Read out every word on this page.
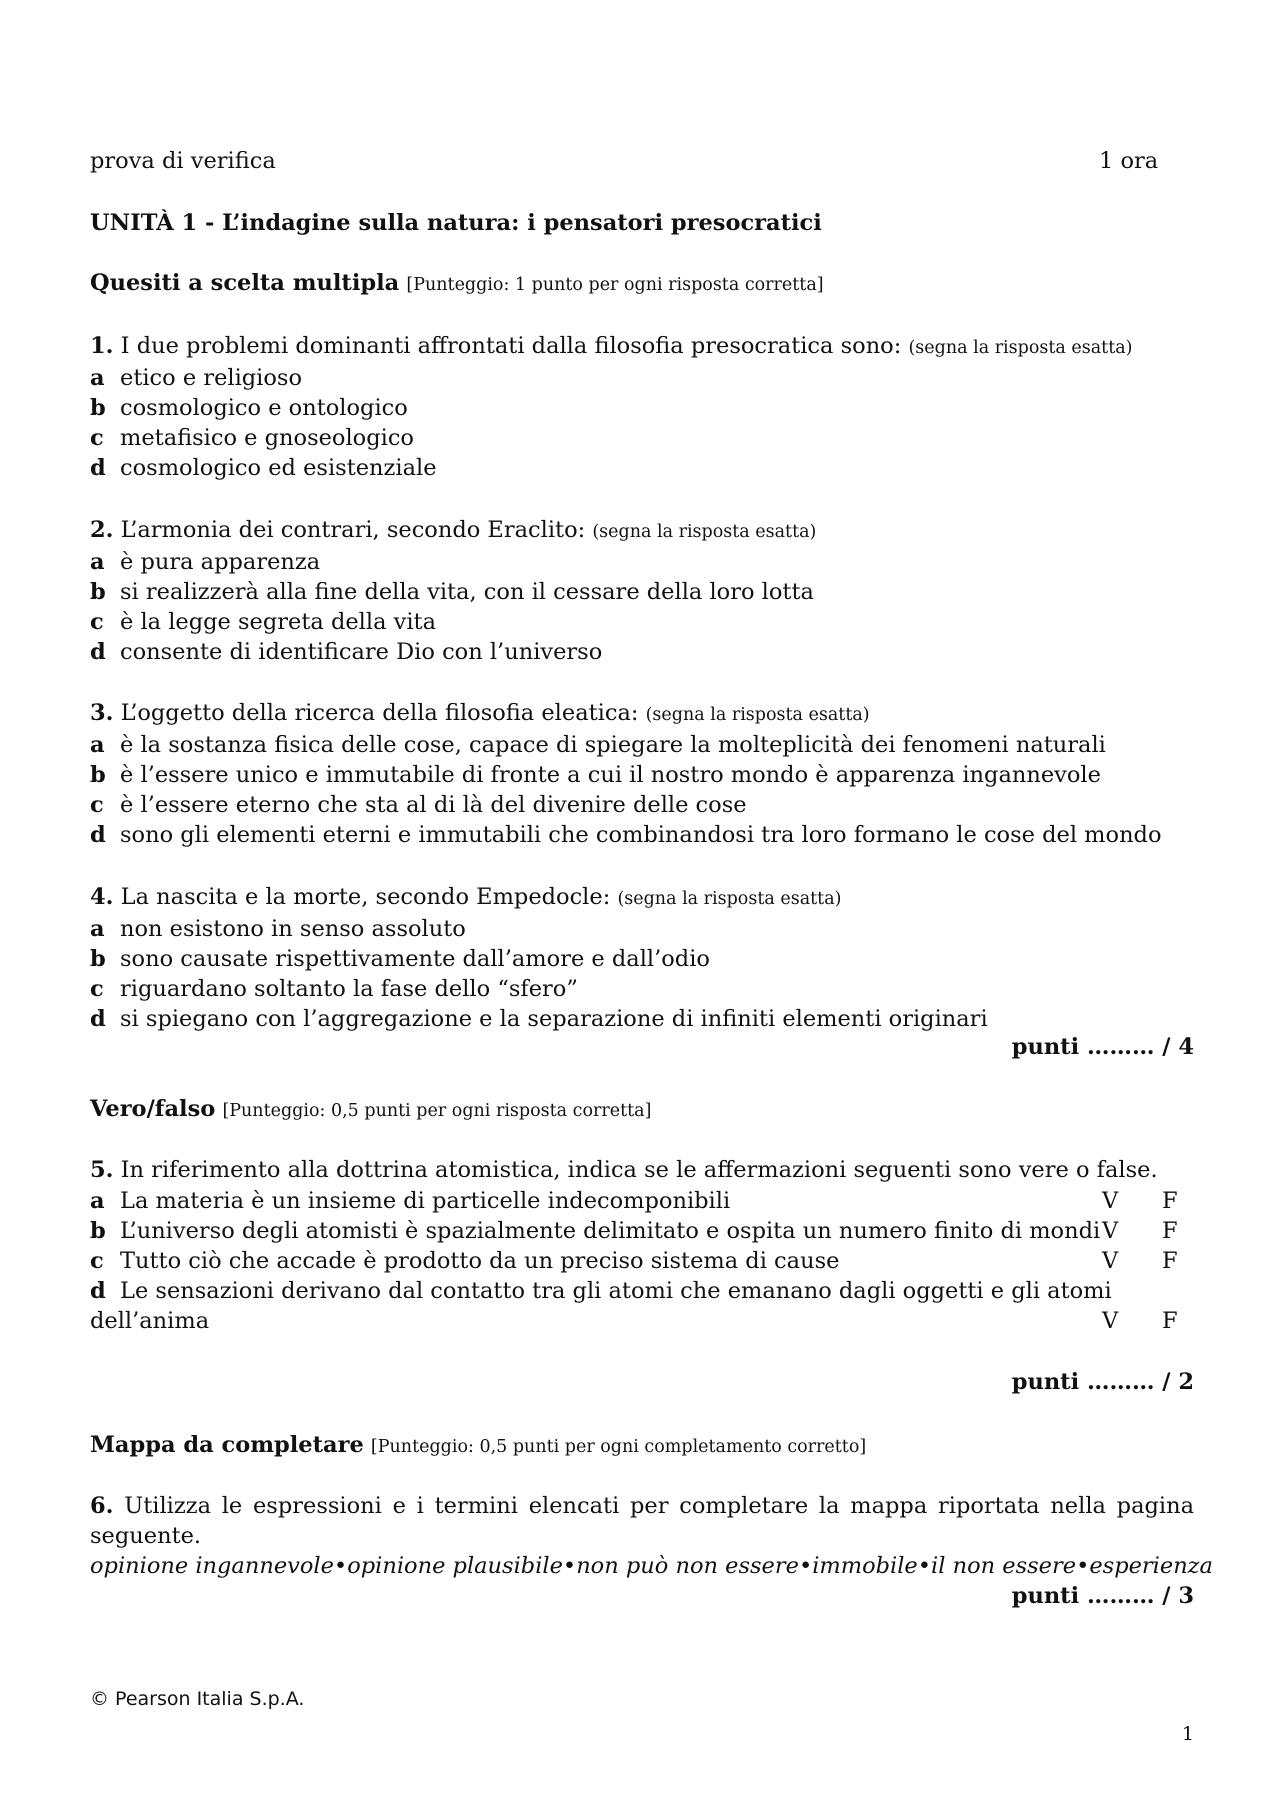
prova di verifica	1 ora
UNITÀ 1 - L’indagine sulla natura: i pensatori presocratici
Quesiti a scelta multipla [Punteggio: 1 punto per ogni risposta corretta]
1. I due problemi dominanti affrontati dalla filosofia presocratica sono: (segna la risposta esatta)
a etico e religioso
b cosmologico e ontologico
c metafisico e gnoseologico
d cosmologico ed esistenziale
2. L’armonia dei contrari, secondo Eraclito: (segna la risposta esatta)
a è pura apparenza
b si realizzerà alla fine della vita, con il cessare della loro lotta
c è la legge segreta della vita
d consente di identificare Dio con l’universo
3. L’oggetto della ricerca della filosofia eleatica: (segna la risposta esatta)
a è la sostanza fisica delle cose, capace di spiegare la molteplicità dei fenomeni naturali
b è l’essere unico e immutabile di fronte a cui il nostro mondo è apparenza ingannevole
c è l’essere eterno che sta al di là del divenire delle cose
d sono gli elementi eterni e immutabili che combinandosi tra loro formano le cose del mondo
4. La nascita e la morte, secondo Empedocle: (segna la risposta esatta)
a non esistono in senso assoluto
b sono causate rispettivamente dall’amore e dall’odio
c riguardano soltanto la fase dello “sfero”
d si spiegano con l’aggregazione e la separazione di infiniti elementi originari
punti ……… / 4
Vero/falso [Punteggio: 0,5 punti per ogni risposta corretta]
5. In riferimento alla dottrina atomistica, indica se le affermazioni seguenti sono vere o false.
a La materia è un insieme di particelle indecomponibili	V F
b L’universo degli atomisti è spazialmente delimitato e ospita un numero finito di mondi V F
c Tutto ciò che accade è prodotto da un preciso sistema di cause	V F
d Le sensazioni derivano dal contatto tra gli atomi che emanano dagli oggetti e gli atomi
dell’anima	V F
punti ……… / 2
Mappa da completare [Punteggio: 0,5 punti per ogni completamento corretto]
6. Utilizza le espressioni e i termini elencati per completare la mappa riportata nella pagina
seguente.
opinione ingannevole • opinione plausibile • non può non essere • immobile • il non essere • esperienza
punti ……… / 3
© Pearson Italia S.p.A.
1
